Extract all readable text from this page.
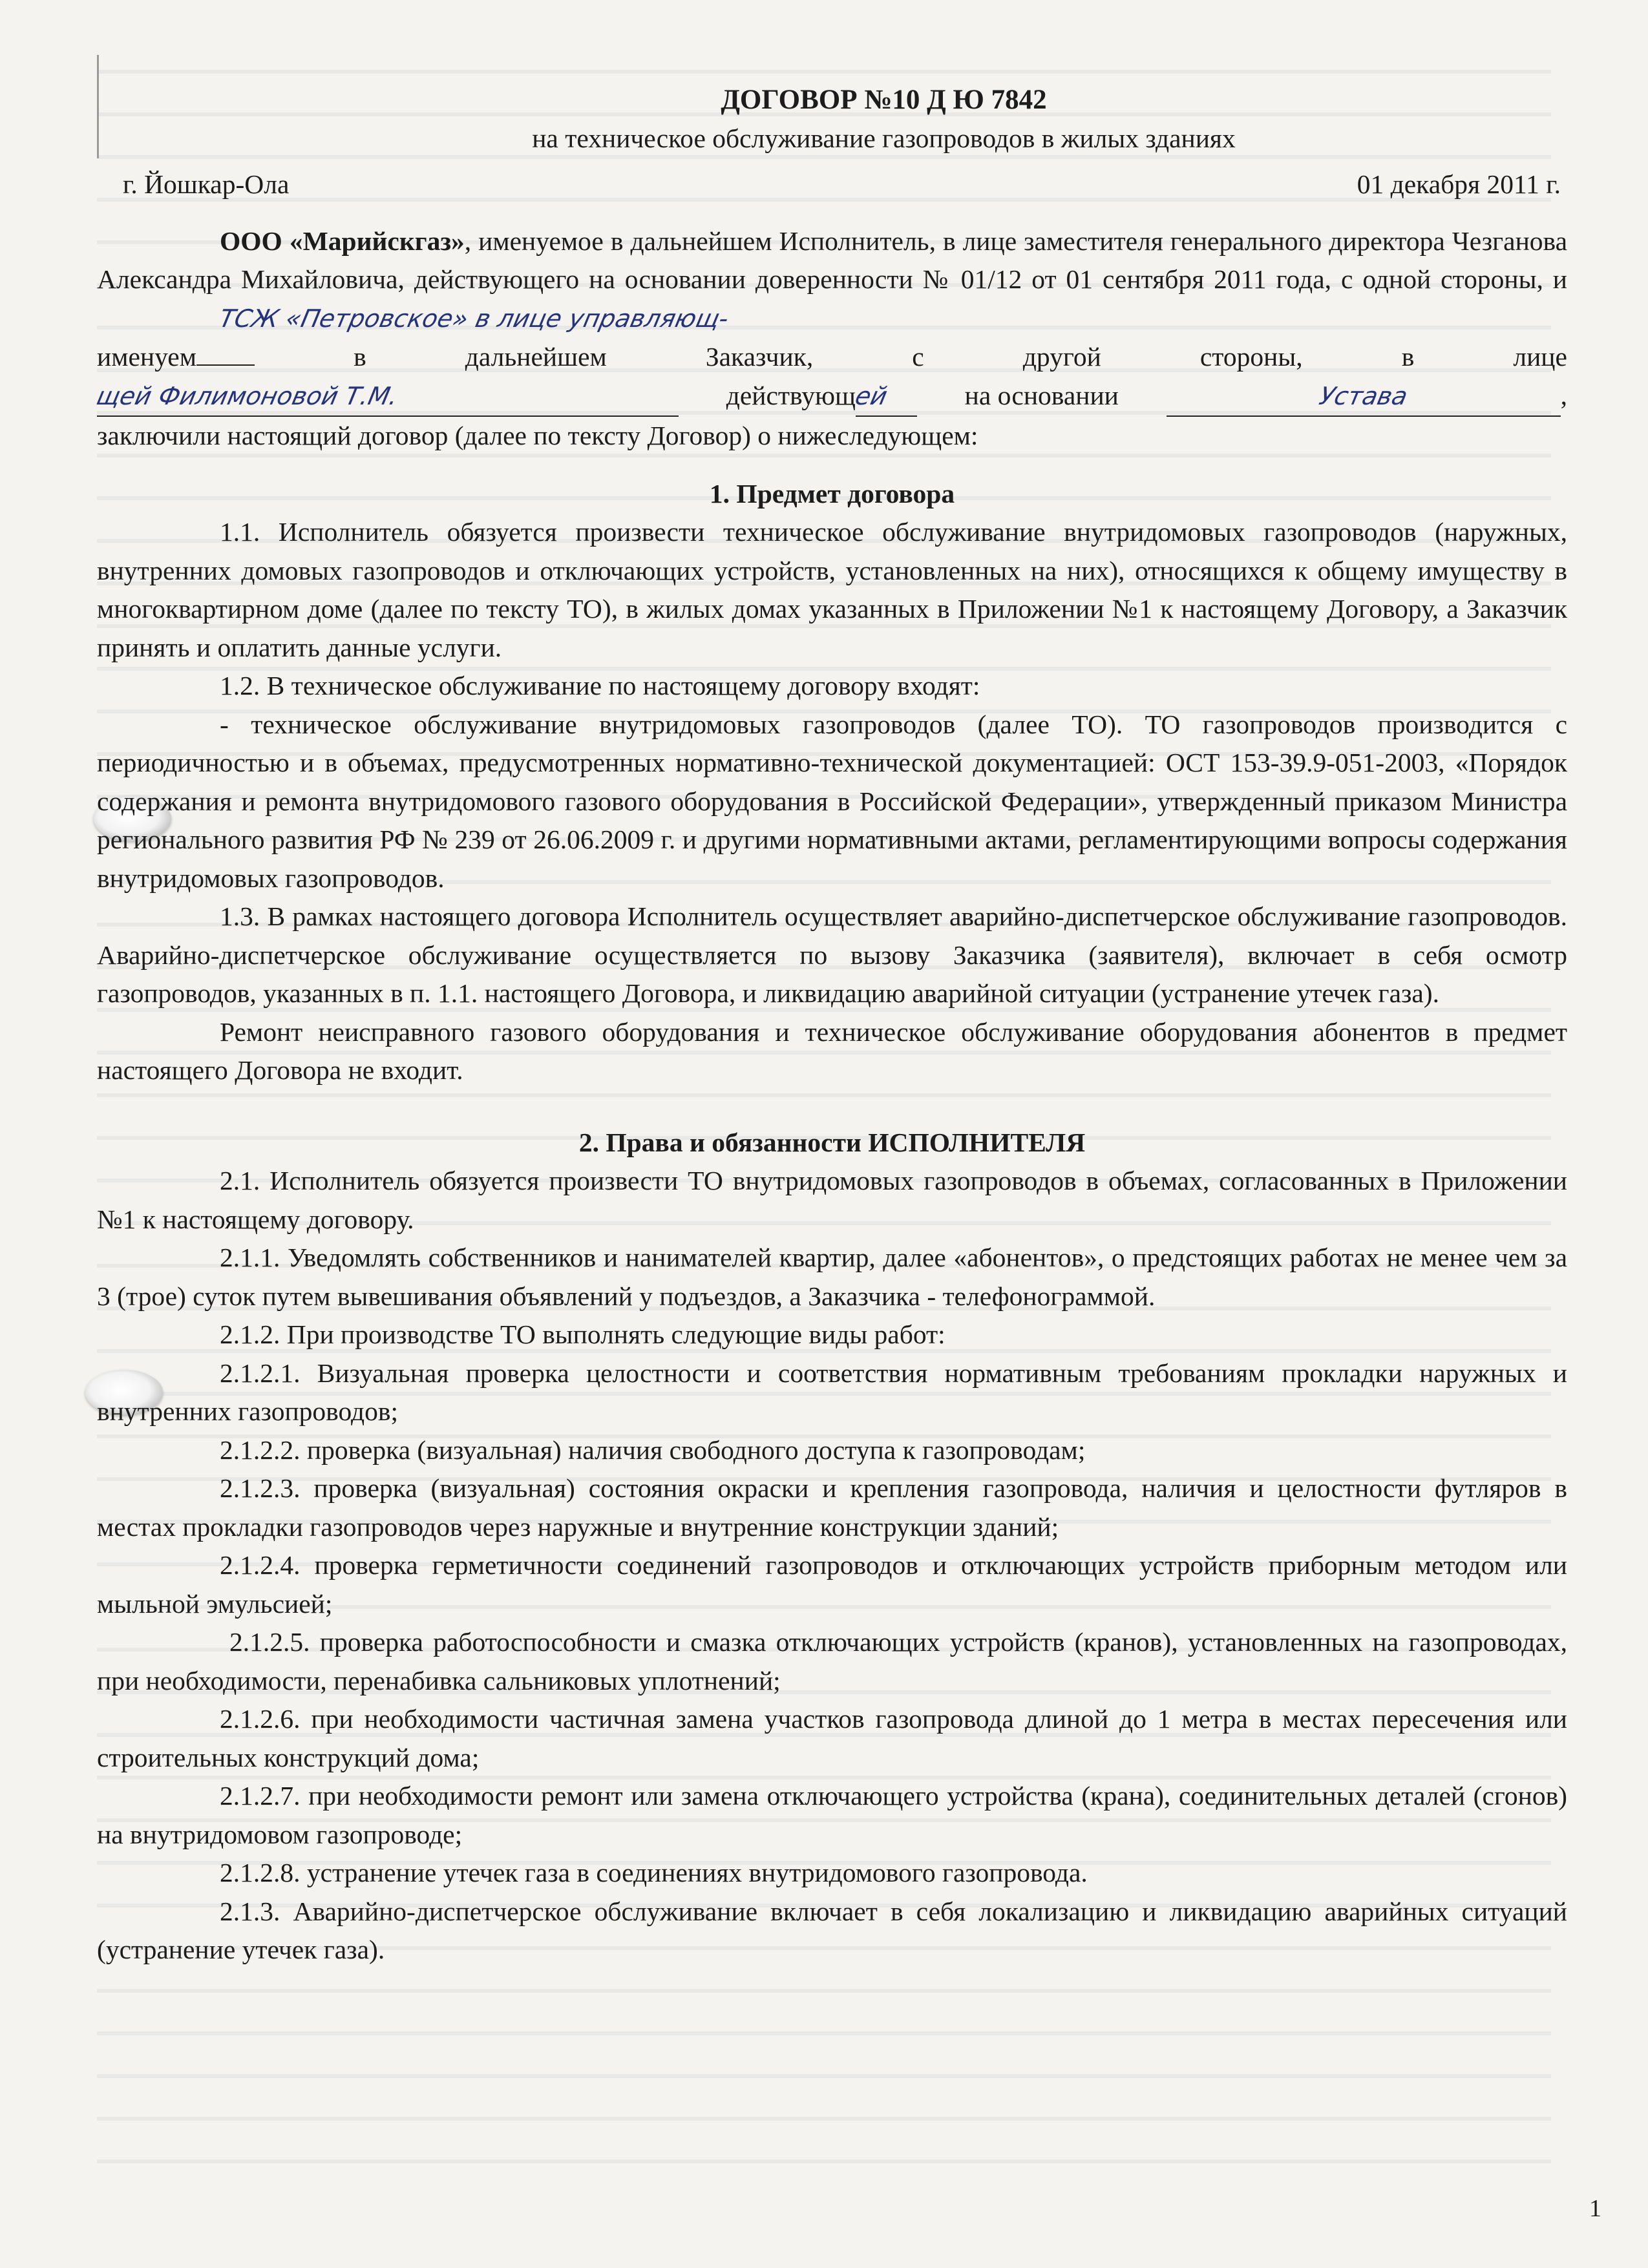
ДОГОВОР №10 Д Ю 7842

на техническое обслуживание газопроводов в жилых зданиях

г. Йошкар-Ола	01 декабря 2011 г.

ООО «Марийскгаз», именуемое в дальнейшем Исполнитель, в лице заместителя генерального директора Чезганова Александра Михайловича, действующего на основании доверенности № 01/12 от 01 сентября 2011 года, с одной стороны, и ТСЖ «Петровское» в лице управляющ-

именуем	в	дальнейшем	Заказчик,	с	другой	стороны,	в	лице
щей Филимоновой Т.М.	действующей	на основании	Устава	,

заключили настоящий договор (далее по тексту Договор) о нижеследующем:

1. Предмет договора

1.1. Исполнитель обязуется произвести техническое обслуживание внутридомовых газопроводов (наружных, внутренних домовых газопроводов и отключающих устройств, установленных на них), относящихся к общему имуществу в многоквартирном доме (далее по тексту ТО), в жилых домах указанных в Приложении №1 к настоящему Договору, а Заказчик принять и оплатить данные услуги.

1.2. В техническое обслуживание по настоящему договору входят:

- техническое обслуживание внутридомовых газопроводов (далее ТО). ТО газопроводов производится с периодичностью и в объемах, предусмотренных нормативно-технической документацией: ОСТ 153-39.9-051-2003, «Порядок содержания и ремонта внутридомового газового оборудования в Российской Федерации», утвержденный приказом Министра регионального развития РФ № 239 от 26.06.2009 г. и другими нормативными актами, регламентирующими вопросы содержания внутридомовых газопроводов.

1.3. В рамках настоящего договора Исполнитель осуществляет аварийно-диспетчерское обслуживание газопроводов. Аварийно-диспетчерское обслуживание осуществляется по вызову Заказчика (заявителя), включает в себя осмотр газопроводов, указанных в п. 1.1. настоящего Договора, и ликвидацию аварийной ситуации (устранение утечек газа).

Ремонт неисправного газового оборудования и техническое обслуживание оборудования абонентов в предмет настоящего Договора не входит.

2. Права и обязанности ИСПОЛНИТЕЛЯ

2.1. Исполнитель обязуется произвести ТО внутридомовых газопроводов в объемах, согласованных в Приложении №1 к настоящему договору.

2.1.1. Уведомлять собственников и нанимателей квартир, далее «абонентов», о предстоящих работах не менее чем за 3 (трое) суток путем вывешивания объявлений у подъездов, а Заказчика - телефонограммой.

2.1.2. При производстве ТО выполнять следующие виды работ:

2.1.2.1. Визуальная проверка целостности и соответствия нормативным требованиям прокладки наружных и внутренних газопроводов;

2.1.2.2. проверка (визуальная) наличия свободного доступа к газопроводам;

2.1.2.3. проверка (визуальная) состояния окраски и крепления газопровода, наличия и целостности футляров в местах прокладки газопроводов через наружные и внутренние конструкции зданий;

2.1.2.4. проверка герметичности соединений газопроводов и отключающих устройств приборным методом или мыльной эмульсией;

2.1.2.5. проверка работоспособности и смазка отключающих устройств (кранов), установленных на газопроводах, при необходимости, перенабивка сальниковых уплотнений;

2.1.2.6. при необходимости частичная замена участков газопровода длиной до 1 метра в местах пересечения или строительных конструкций дома;

2.1.2.7. при необходимости ремонт или замена отключающего устройства (крана), соединительных деталей (сгонов) на внутридомовом газопроводе;

2.1.2.8. устранение утечек газа в соединениях внутридомового газопровода.

2.1.3. Аварийно-диспетчерское обслуживание включает в себя локализацию и ликвидацию аварийных ситуаций (устранение утечек газа).

1
